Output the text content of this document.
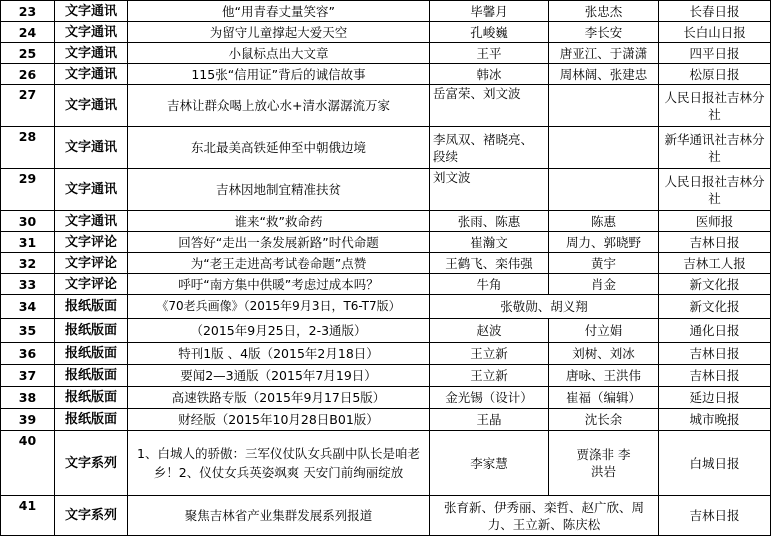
23	文字通讯	他“用青春丈量笑容”	毕馨月	张忠杰	长春日报
24	文字通讯	为留守儿童撑起大爱天空	孔峻巍	李长安	长白山日报
25	文字通讯	小鼠标点出大文章	王平	唐亚江、于潇潇	四平日报
26	文字通讯	115张“信用证”背后的诚信故事	韩冰	周林阔、张建忠	松原日报
27	文字通讯	吉林让群众喝上放心水+清水潺潺流万家	岳富荣、刘文波		人民日报社吉林分社
28	文字通讯	东北最美高铁延伸至中朝俄边境	李凤双、褚晓亮、段续		新华通讯社吉林分社
29	文字通讯	吉林因地制宜精准扶贫	刘文波		人民日报社吉林分社
30	文字通讯	谁来“救”救命药	张雨、陈惠	陈惠	医师报
31	文字评论	回答好“走出一条发展新路”时代命题	崔瀚文	周力、郭晓野	吉林日报
32	文字评论	为“老王走进高考试卷命题”点赞	王鹤飞、栾伟强	黄宇	吉林工人报
33	文字评论	呼吁“南方集中供暖”考虑过成本吗？	牛角	肖金	新文化报
34	报纸版面	《70老兵画像》（2015年9月3日，T6-T7版）	张敬勋、胡义翔		新文化报
35	报纸版面	（2015年9月25日，2-3通版）	赵波	付立娟	通化日报
36	报纸版面	特刊1版 、4版（2015年2月18日）	王立新	刘树、刘冰	吉林日报
37	报纸版面	要闻2—3通版（2015年7月19日）	王立新	唐咏、王洪伟	吉林日报
38	报纸版面	高速铁路专版（2015年9月17日5版）	金光锡（设计）	崔福（编辑）	延边日报
39	报纸版面	财经版（2015年10月28日B01版）	王晶	沈长余	城市晚报
40	文字系列	1、白城人的骄傲：三军仪仗队女兵副中队长是咱老乡！2、仪仗女兵英姿飒爽 天安门前绚丽绽放	李家慧	贾涤非 李洪岩	白城日报
41	文字系列	聚焦吉林省产业集群发展系列报道	张育新、伊秀丽、栾哲、赵广欣、周力、王立新、陈庆松		吉林日报
